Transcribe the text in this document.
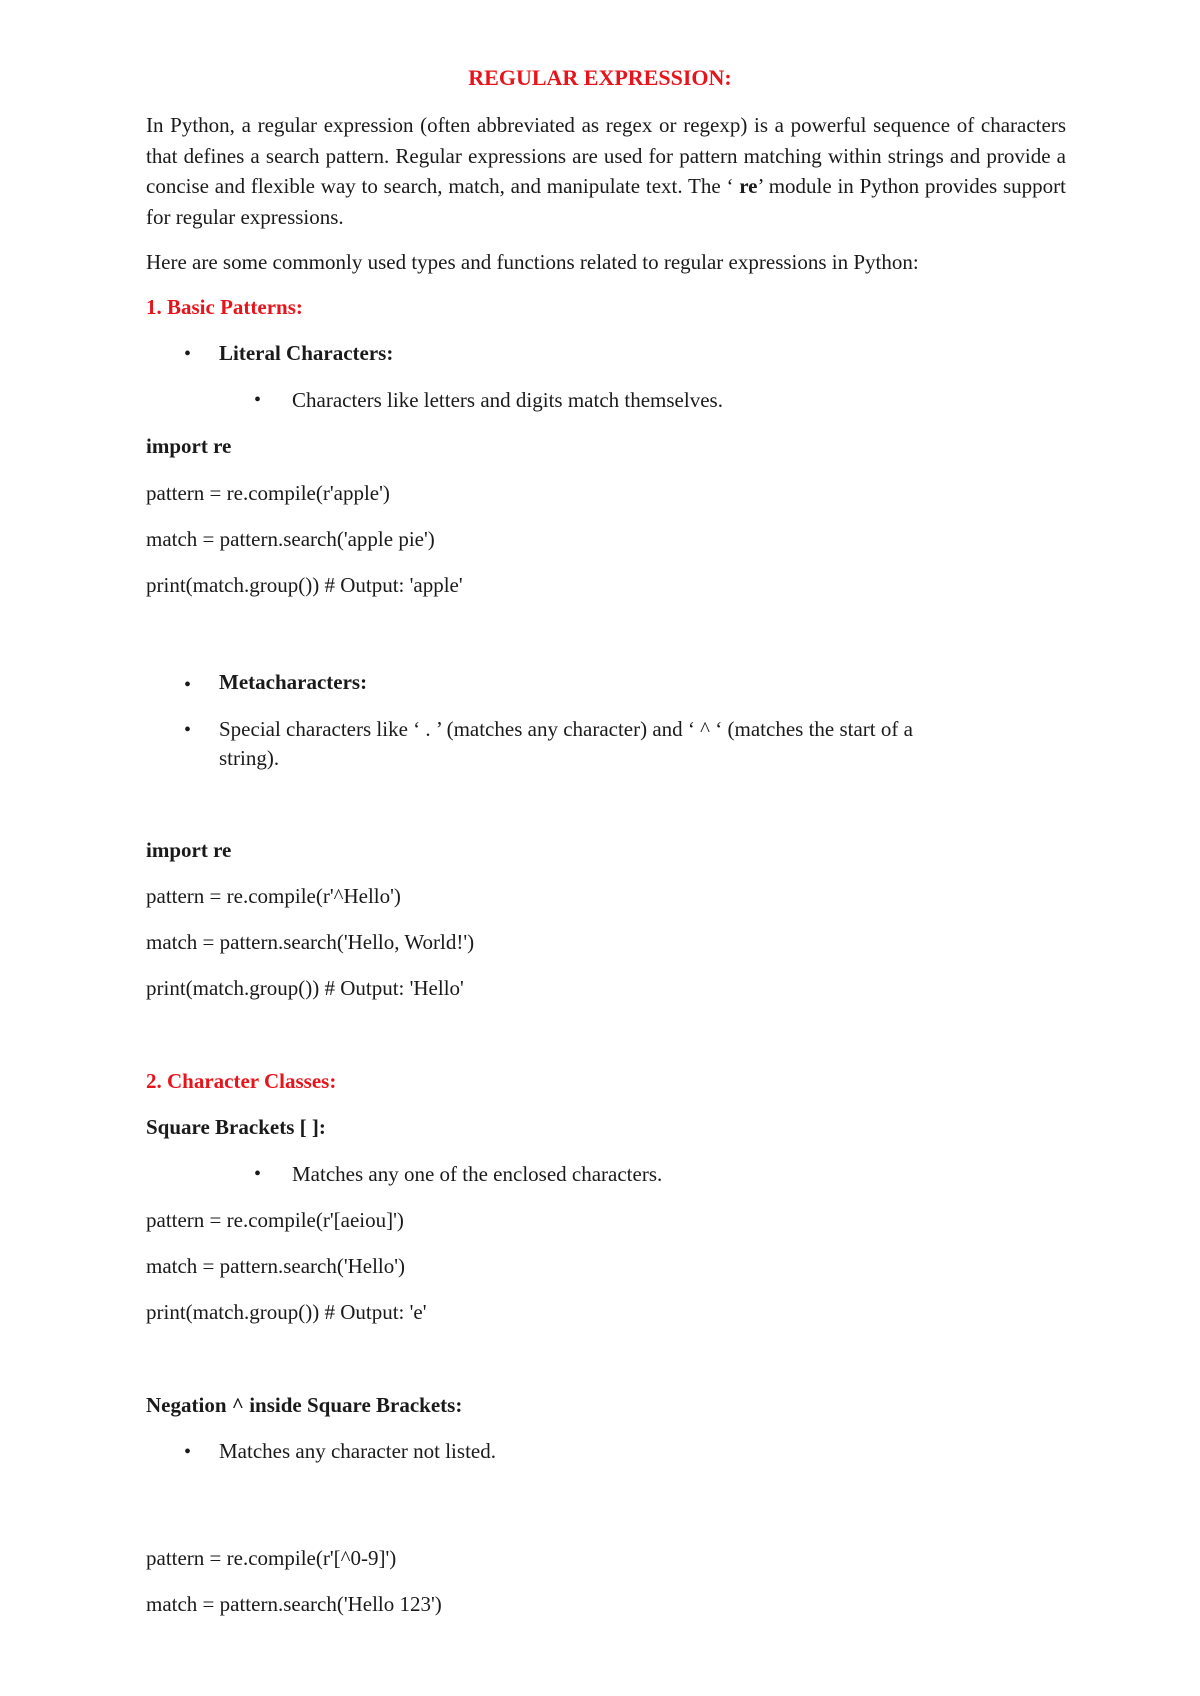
REGULAR EXPRESSION:
In Python, a regular expression (often abbreviated as regex or regexp) is a powerful sequence of characters that defines a search pattern. Regular expressions are used for pattern matching within strings and provide a concise and flexible way to search, match, and manipulate text. The ‘ re’ module in Python provides support for regular expressions.
Here are some commonly used types and functions related to regular expressions in Python:
1. Basic Patterns:
• Literal Characters:
• Characters like letters and digits match themselves.
import re
pattern = re.compile(r'apple')
match = pattern.search('apple pie')
print(match.group()) # Output: 'apple'
• Metacharacters:
• Special characters like ‘ . ’ (matches any character) and ‘ ^ ‘ (matches the start of a
string).
import re
pattern = re.compile(r'^Hello')
match = pattern.search('Hello, World!')
print(match.group()) # Output: 'Hello'
2. Character Classes:
Square Brackets [ ]:
• Matches any one of the enclosed characters.
pattern = re.compile(r'[aeiou]')
match = pattern.search('Hello')
print(match.group()) # Output: 'e'
Negation ^ inside Square Brackets:
• Matches any character not listed.
pattern = re.compile(r'[^0-9]')
match = pattern.search('Hello 123')
